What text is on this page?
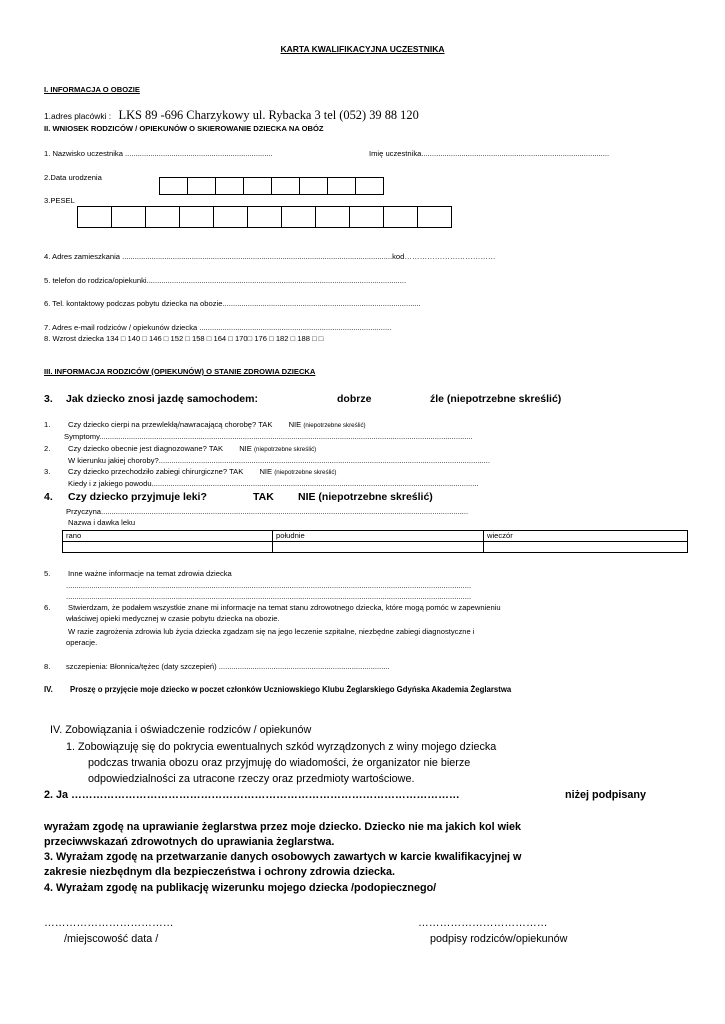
KARTA KWALIFIKACYJNA UCZESTNIKA
I. INFORMACJA O OBOZIE
1.adres placówki : LKS 89 -696 Charzykowy ul. Rybacka 3 tel (052) 39 88 120
II. WNIOSEK RODZICÓW / OPIEKUNÓW O SKIEROWANIE DZIECKA NA OBÓZ
1. Nazwisko uczestnika ......................................................................	Imię uczestnika.........................................................................................
2.Data urodzenia
3.PESEL
4. Adres zamieszkania ................................................................................................................................kod………………………………
5. telefon do rodzica/opiekunki...........................................................................................................................
6. Tel. kontaktowy podczas pobytu dziecka na obozie..............................................................................................
7. Adres e-mail rodziców / opiekunów dziecka ...........................................................................................
8. Wzrost dziecka 134 □ 140 □ 146 □ 152 □ 158 □ 164 □ 170□ 176 □ 182 □ 188 □ □
III. INFORMACJA RODZICÓW (OPIEKUNÓW) O STANIE ZDROWIA DZIECKA
3. Jak dziecko znosi jazdę samochodem:	dobrze	źle (niepotrzebne skreślić)
1. Czy dziecko cierpi na przewlekłą/nawracającą chorobę? TAK NIE (niepotrzebne skreślić)
Symptomy.................................................................................................................................................................................
2. Czy dziecko obecnie jest diagnozowane? TAK NIE (niepotrzebne skreślić)
W kierunku jakiej choroby?.............................................................................................................................................................
3. Czy dziecko przechodziło zabiegi chirurgiczne? TAK NIE (niepotrzebne skreślić)
Kiedy i z jakiego powodu...........................................................................................................................................................
4. Czy dziecko przyjmuje leki?	TAK NIE (niepotrzebne skreślić)
Przyczyna..............................................................................................................................................................................
Nazwa i dawka leku
rano	południe	wieczór

5. Inne ważne informacje na temat zdrowia dziecka
................................................................................................................................................................................................
................................................................................................................................................................................................
6. Stwierdzam, że podałem wszystkie znane mi informacje na temat stanu zdrowotnego dziecka, które mogą pomóc w zapewnieniu
właściwej opieki medycznej w czasie pobytu dziecka na obozie.
W razie zagrożenia zdrowia lub życia dziecka zgadzam się na jego leczenie szpitalne, niezbędne zabiegi diagnostyczne i
operacje.
8. szczepienia: Błonnica/tężec (daty szczepień) .................................................................................
IV. Proszę o przyjęcie moje dziecko w poczet członków Uczniowskiego Klubu Żeglarskiego Gdyńska Akademia Żeglarstwa
IV. Zobowiązania i oświadczenie rodziców / opiekunów
1. Zobowiązuję się do pokrycia ewentualnych szkód wyrządzonych z winy mojego dziecka
podczas trwania obozu oraz przyjmuję do wiadomości, że organizator nie bierze
odpowiedzialności za utracone rzeczy oraz przedmioty wartościowe.
2. Ja ………………………………………………………………………………………………	niżej podpisany
wyrażam zgodę na uprawianie żeglarstwa przez moje dziecko. Dziecko nie ma jakich kol wiek
przeciwwskazań zdrowotnych do uprawiania żeglarstwa.
3. Wyrażam zgodę na przetwarzanie danych osobowych zawartych w karcie kwalifikacyjnej w
zakresie niezbędnym dla bezpieczeństwa i ochrony zdrowia dziecka.
4. Wyrażam zgodę na publikację wizerunku mojego dziecka /podopiecznego/
………………………………	………………………………
/miejscowość data /	podpisy rodziców/opiekunów
